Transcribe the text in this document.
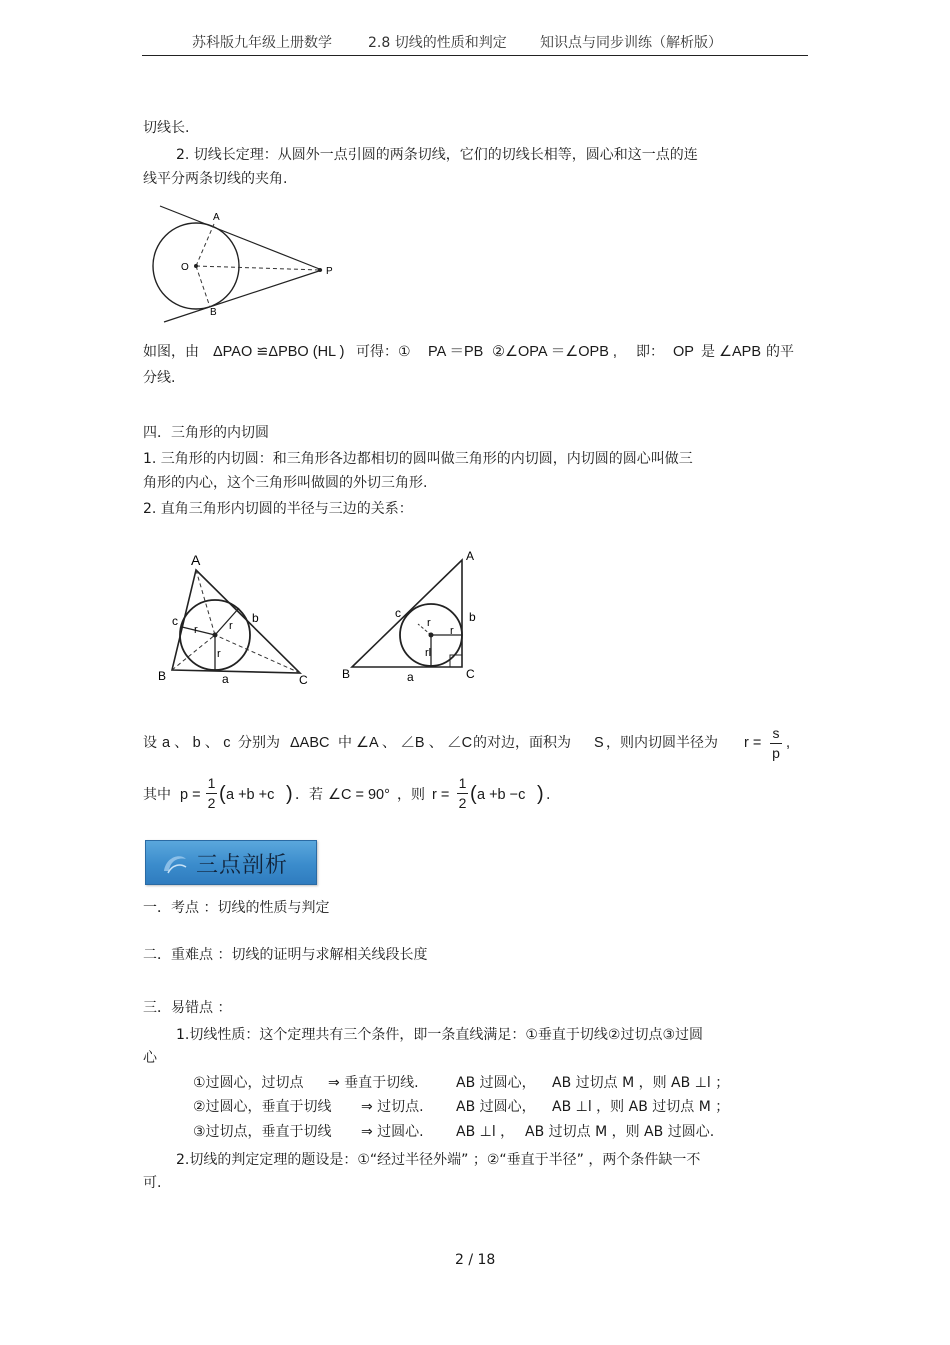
苏科版九年级上册数学	2.8 切线的性质和判定 知识点与同步训练（解析版）
切线长.
2. 切线长定理：从圆外一点引圆的两条切线，它们的切线长相等，圆心和这一点的连
线平分两条切线的夹角.
A
O	P
B
如图，由 ΔPAO ≌ΔPBO (HL ) 可得：① PA ＝PB ②∠OPA ＝∠OPB , 即： OP 是 ∠APB 的平
分线.
四．三角形的内切圆
1. 三角形的内切圆：和三角形各边都相切的圆叫做三角形的内切圆，内切圆的圆心叫做三
角形的内心，这个三角形叫做圆的外切三角形.
2. 直角三角形内切圆的半径与三边的关系：
A
B	C
a
b
c
r	r
r
A
B	C
a
b
c
r
r
rl
设 a 、 b 、 c 分别为 ΔABC 中 ∠A 、 ∠B 、 ∠C 的对边，面积为 S ，则内切圆半径为 r =
s
p
,
其中 p =
1
2 ( a +b +c ) ．若 ∠C = 90° ，则 r =
1
2 ( a +b −c ) .
三点剖析
一．考点 ：切线的性质与判定
二．重难点 ：切线的证明与求解相关线段长度
三．易错点 ：
1.切线性质：这个定理共有三个条件，即一条直线满足：①垂直于切线②过切点③过圆
心
①过圆心，过切点 ⇒ 垂直于切线.	AB 过圆心， AB 过切点 M ，则 AB ⊥l ；
②过圆心，垂直于切线 ⇒ 过切点. AB 过圆心， AB ⊥l ，则 AB 过切点 M ；
③过切点，垂直于切线 ⇒ 过圆心. AB ⊥l ， AB 过切点 M ，则 AB 过圆心.
2.切线的判定定理的题设是：①“经过半径外端” ；②“垂直于半径” ，两个条件缺一不
可.
2 / 18
